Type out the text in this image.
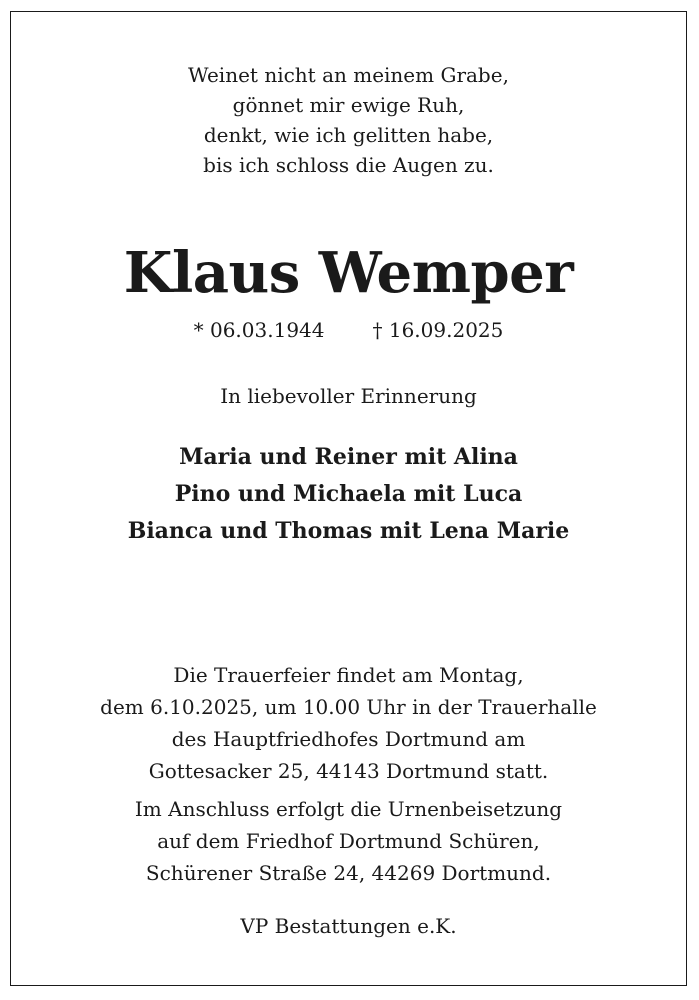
Weinet nicht an meinem Grabe,
gönnet mir ewige Ruh,
denkt, wie ich gelitten habe,
bis ich schloss die Augen zu.
Klaus Wemper
* 06.03.1944 † 16.09.2025
In liebevoller Erinnerung
Maria und Reiner mit Alina
Pino und Michaela mit Luca
Bianca und Thomas mit Lena Marie
Die Trauerfeier findet am Montag,
dem 6.10.2025, um 10.00 Uhr in der Trauerhalle
des Hauptfriedhofes Dortmund am
Gottesacker 25, 44143 Dortmund statt.
Im Anschluss erfolgt die Urnenbeisetzung
auf dem Friedhof Dortmund Schüren,
Schürener Straße 24, 44269 Dortmund.
VP Bestattungen e.K.
